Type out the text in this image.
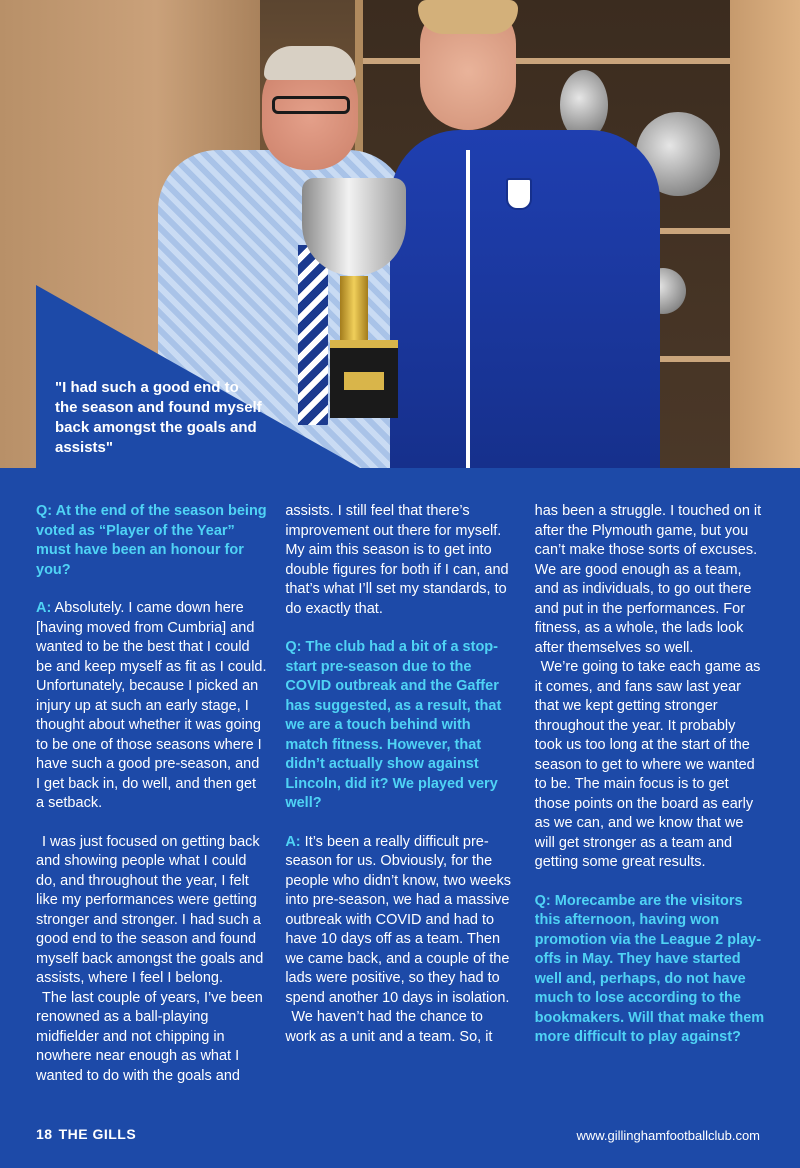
"I had such a good end to the season and found myself back amongst the goals and assists"

Q: At the end of the season being voted as “Player of the Year” must have been an honour for you?

A: Absolutely. I came down here [having moved from Cumbria] and wanted to be the best that I could be and keep myself as fit as I could. Unfortunately, because I picked an injury up at such an early stage, I thought about whether it was going to be one of those seasons where I have such a good pre-season, and I get back in, do well, and then get a setback.

I was just focused on getting back and showing people what I could do, and throughout the year, I felt like my performances were getting stronger and stronger. I had such a good end to the season and found myself back amongst the goals and assists, where I feel I belong.

The last couple of years, I’ve been renowned as a ball-playing midfielder and not chipping in nowhere near enough as what I wanted to do with the goals and

assists. I still feel that there’s improvement out there for myself. My aim this season is to get into double figures for both if I can, and that’s what I’ll set my standards, to do exactly that.

Q: The club had a bit of a stop-start pre-season due to the COVID outbreak and the Gaffer has suggested, as a result, that we are a touch behind with match fitness. However, that didn’t actually show against Lincoln, did it? We played very well?

A: It’s been a really difficult pre-season for us. Obviously, for the people who didn’t know, two weeks into pre-season, we had a massive outbreak with COVID and had to have 10 days off as a team. Then we came back, and a couple of the lads were positive, so they had to spend another 10 days in isolation.

We haven’t had the chance to work as a unit and a team. So, it

has been a struggle. I touched on it after the Plymouth game, but you can’t make those sorts of excuses. We are good enough as a team, and as individuals, to go out there and put in the performances. For fitness, as a whole, the lads look after themselves so well.

We’re going to take each game as it comes, and fans saw last year that we kept getting stronger throughout the year. It probably took us too long at the start of the season to get to where we wanted to be. The main focus is to get those points on the board as early as we can, and we know that we will get stronger as a team and getting some great results.

Q: Morecambe are the visitors this afternoon, having won promotion via the League 2 play-offs in May. They have started well and, perhaps, do not have much to lose according to the bookmakers. Will that make them more difficult to play against?

18 THE GILLS	www.gillinghamfootballclub.com
